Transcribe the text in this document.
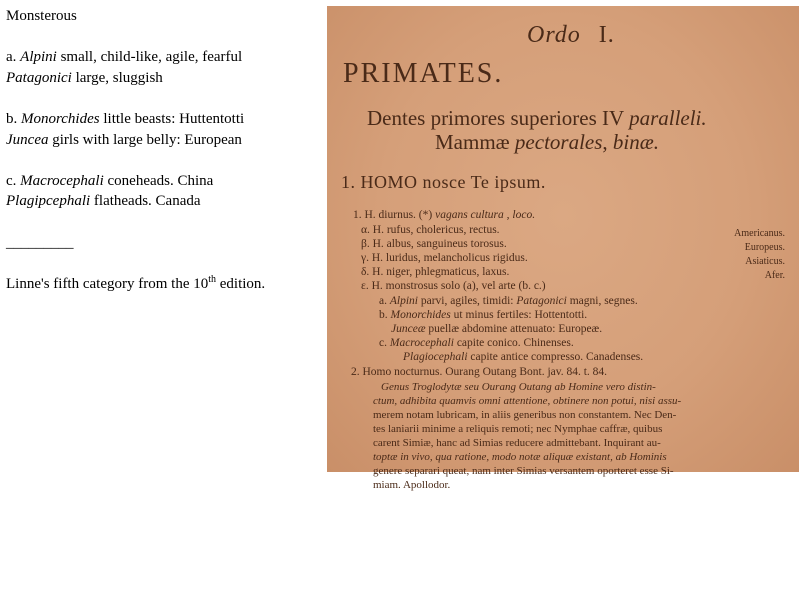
Monsterous

a. Alpini small, child-like, agile, fearful

Patagonici large, sluggish

b. Monorchides little beasts: Huttentotti

Juncea girls with large belly: European

c. Macrocephali coneheads. China

Plagipcephali flatheads. Canada

_________

Linne's fifth category from the 10th edition.

Ordo I.
PRIMATES.
Dentes primores superiores IV paralleli.
Mammæ pectorales, binæ.
1. HOMO nosce Te ipsum.
1. H. diurnus. (*) vagans cultura , loco.
α. H. rufus, cholericus, rectus.	Americanus.
β. H. albus, sanguineus torosus.	Europeus.
γ. H. luridus, melancholicus rigidus.	Asiaticus.
δ. H. niger, phlegmaticus, laxus.	Afer.
ε. H. monstrosus solo (a), vel arte (b. c.)
a. Alpini parvi, agiles, timidi: Patagonici magni, segnes.
b. Monorchides ut minus fertiles: Hottentotti.
Junceæ puellæ abdomine attenuato: Europeæ.
c. Macrocephali capite conico. Chinenses.
Plagiocephali capite antice compresso. Canadenses.
2. Homo nocturnus. Ourang Outang Bont. jav. 84. t. 84.
Genus Troglodytæ seu Ourang Outang ab Homine vero distin-
ctum, adhibita quamvis omni attentione, obtinere non potui, nisi assu-
merem notam lubricam, in aliis generibus non constantem. Nec Den-
tes laniarii minime a reliquis remoti; nec Nymphae caffræ, quibus
carent Simiæ, hanc ad Simias reducere admittebant. Inquirant au-
toptæ in vivo, qua ratione, modo notæ aliquæ existant, ab Hominis
genere separari queat, nam inter Simias versantem oporteret esse Si-
miam. Apollodor.
